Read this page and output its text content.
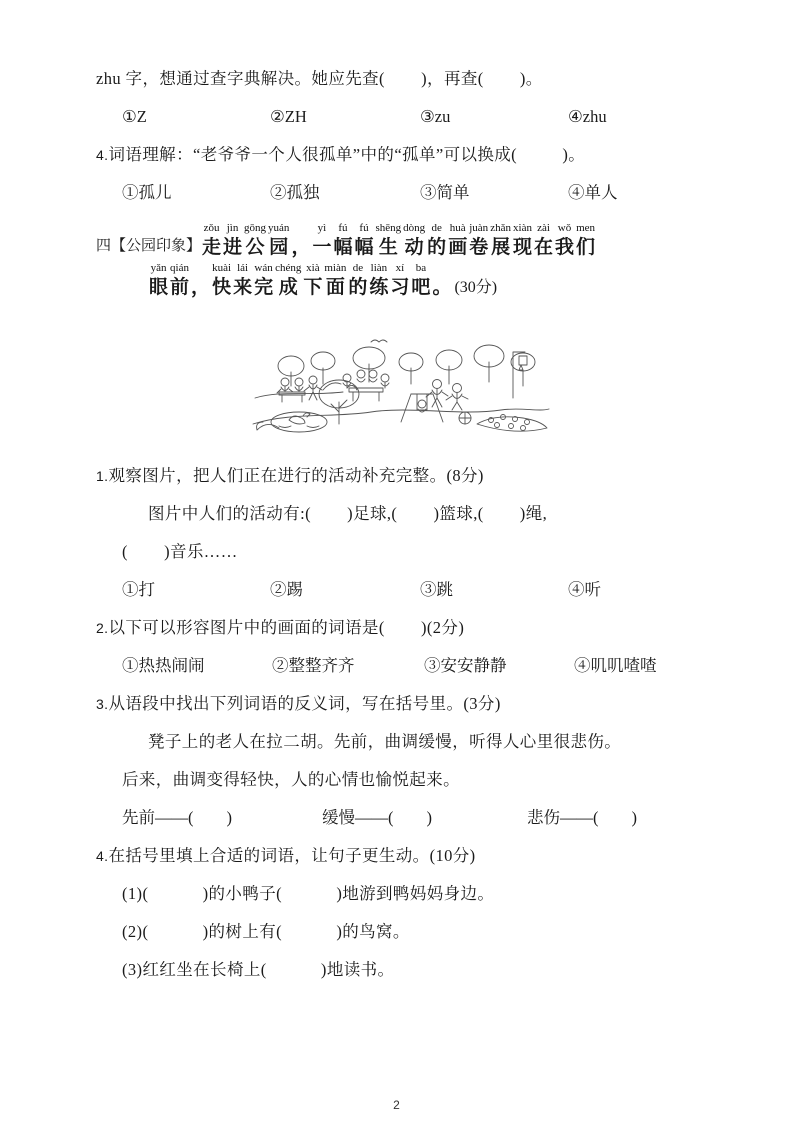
zhu 字，想通过查字典解决。她应先查(        )，再查(        )。
①Z	②ZH	③zu	④zhu
4.词语理解：“老爷爷一个人很孤单”中的“孤单”可以换成(          )。
①孤儿	②孤独	③简单	④单人
四【公园印象】
zǒu
走
jìn
进
gōng
公
yuán
园 ，
yì
一
fú
幅
fú
幅
shēng
生
dòng
动
de
的
huà
画
juàn
卷
zhǎn
展
xiàn
现
zài
在
wǒ
我
men
们
yǎn
眼
qián
前 ，
kuài
快
lái
来
wán
完
chéng
成
xià
下
miàn
面
de
的
liàn
练
xí
习
ba
吧 。 (30分)
1.观察图片，把人们正在进行的活动补充完整。(8分)
图片中人们的活动有:(        )足球,(        )篮球,(        )绳,
(        )音乐……
①打	②踢	③跳	④听
2.以下可以形容图片中的画面的词语是(        )(2分)
①热热闹闹	②整整齐齐	③安安静静	④叽叽喳喳
3.从语段中找出下列词语的反义词，写在括号里。(3分)
凳子上的老人在拉二胡。先前，曲调缓慢，听得人心里很悲伤。
后来，曲调变得轻快，人的心情也愉悦起来。
先前——(        )	缓慢——(        )	悲伤——(        )
4.在括号里填上合适的词语，让句子更生动。(10分)
(1)(            )的小鸭子(            )地游到鸭妈妈身边。
(2)(            )的树上有(            )的鸟窝。
(3)红红坐在长椅上(            )地读书。
2
